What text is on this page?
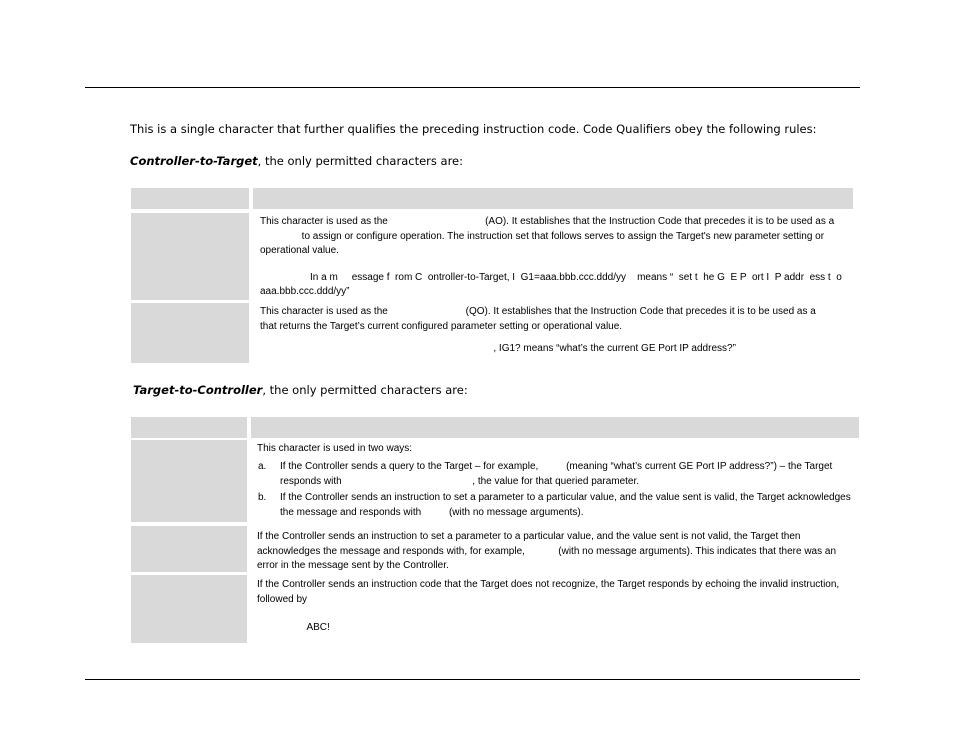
This is a single character that further qualifies the preceding instruction code. Code Qualifiers obey the following rules:
Controller-to-Target, the only permitted characters are:
This character is used as the                                   (AO). It establishes that the Instruction Code that precedes it is to be used as a
to assign or configure operation. The instruction set that follows serves to assign the Target's new parameter setting or
operational value.
In a m     essage f  rom C  ontroller-to-Target, I  G1=aaa.bbb.ccc.ddd/yy    means “  set t  he G  E P  ort I  P addr  ess t  o
aaa.bbb.ccc.ddd/yy”
This character is used as the                            (QO). It establishes that the Instruction Code that precedes it is to be used as a
that returns the Target’s current configured parameter setting or operational value.
, IG1? means “what’s the current GE Port IP address?”
Target-to-Controller, the only permitted characters are:
This character is used in two ways:
a. If the Controller sends a query to the Target – for example,          (meaning “what’s current GE Port IP address?”) – the Target
responds with                                               , the value for that queried parameter.
b. If the Controller sends an instruction to set a parameter to a particular value, and the value sent is valid, the Target acknowledges
the message and responds with          (with no message arguments).
If the Controller sends an instruction to set a parameter to a particular value, and the value sent is not valid, the Target then
acknowledges the message and responds with, for example,            (with no message arguments). This indicates that there was an
error in the message sent by the Controller.
If the Controller sends an instruction code that the Target does not recognize, the Target responds by echoing the invalid instruction,
followed by
ABC!
